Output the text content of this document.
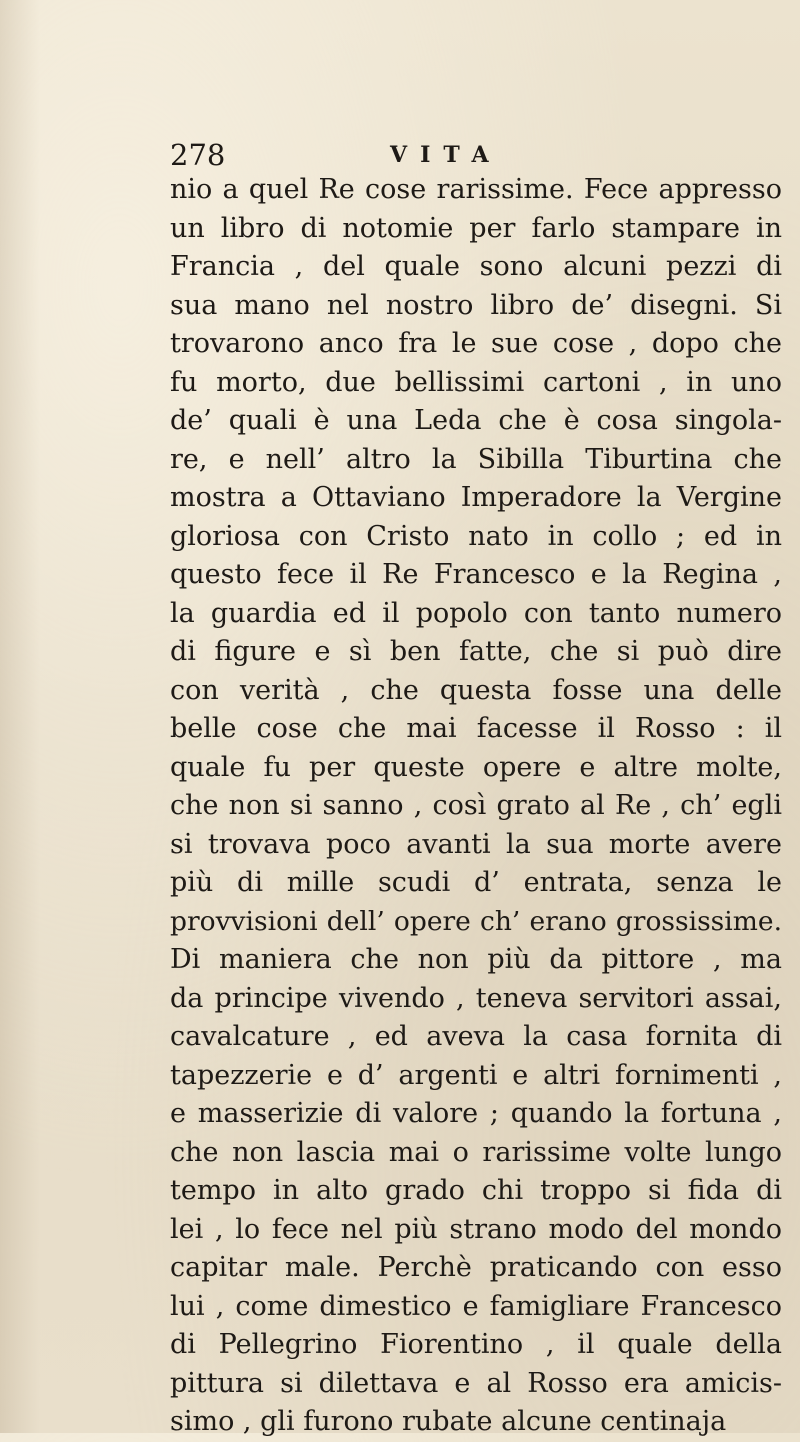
278	VITA
nio a quel Re cose rarissime. Fece appresso
un libro di notomie per farlo stampare in
Francia , del quale sono alcuni pezzi di
sua mano nel nostro libro de’ disegni. Si
trovarono anco fra le sue cose , dopo che
fu morto, due bellissimi cartoni , in uno
de’ quali è una Leda che è cosa singola-
re, e nell’ altro la Sibilla Tiburtina che
mostra a Ottaviano Imperadore la Vergine
gloriosa con Cristo nato in collo ; ed in
questo fece il Re Francesco e la Regina ,
la guardia ed il popolo con tanto numero
di figure e sì ben fatte, che si può dire
con verità , che questa fosse una delle
belle cose che mai facesse il Rosso : il
quale fu per queste opere e altre molte,
che non si sanno , così grato al Re , ch’ egli
si trovava poco avanti la sua morte avere
più di mille scudi d’ entrata, senza le
provvisioni dell’ opere ch’ erano grossissime.
Di maniera che non più da pittore , ma
da principe vivendo , teneva servitori assai,
cavalcature , ed aveva la casa fornita di
tapezzerie e d’ argenti e altri fornimenti ,
e masserizie di valore ; quando la fortuna ,
che non lascia mai o rarissime volte lungo
tempo in alto grado chi troppo si fida di
lei , lo fece nel più strano modo del mondo
capitar male. Perchè praticando con esso
lui , come dimestico e famigliare Francesco
di Pellegrino Fiorentino , il quale della
pittura si dilettava e al Rosso era amicis-
simo , gli furono rubate alcune centinaja
